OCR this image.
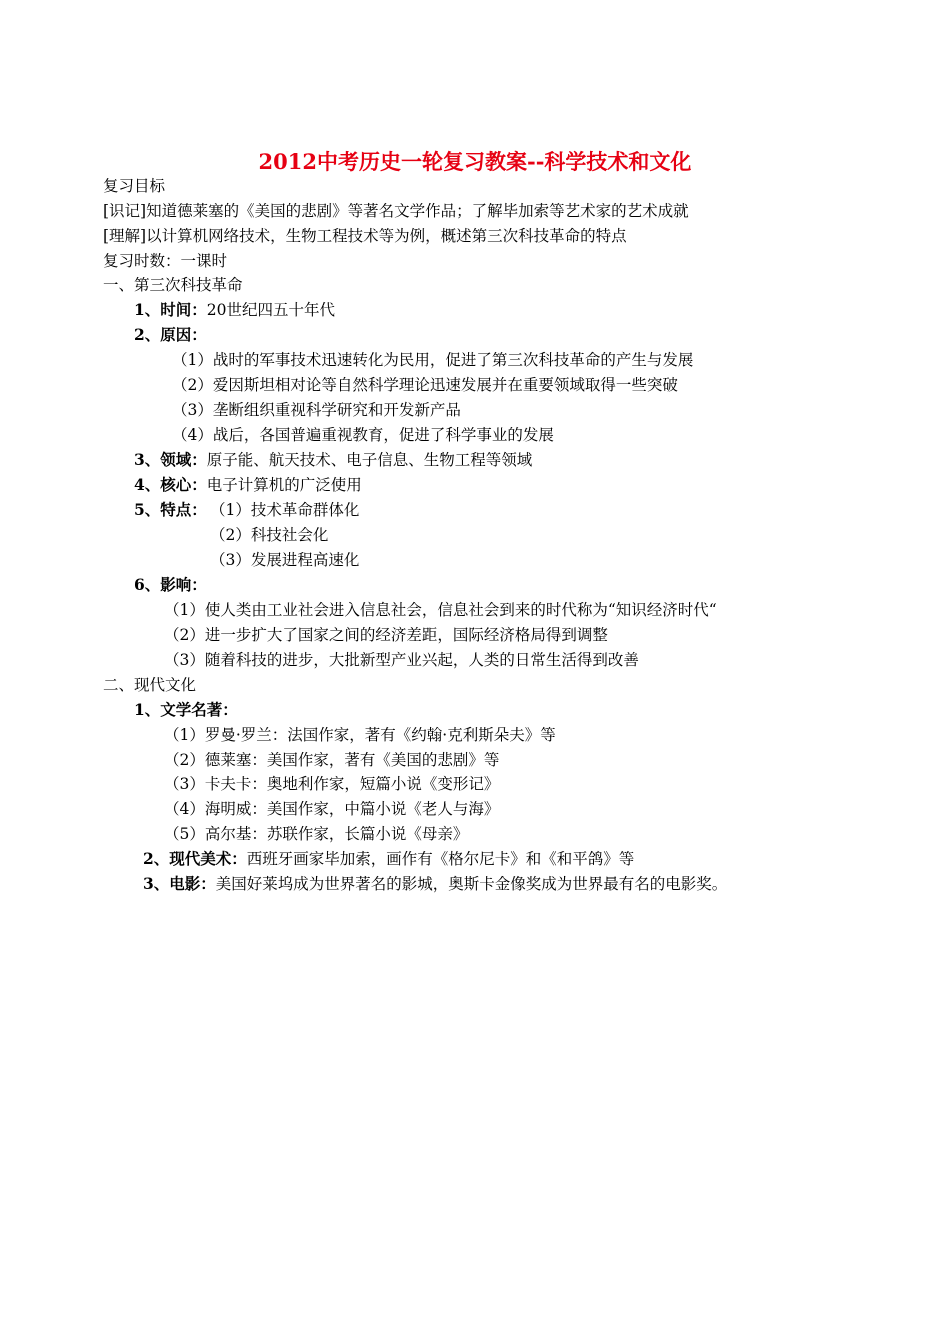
2012中考历史一轮复习教案--科学技术和文化
复习目标
[识记]知道德莱塞的《美国的悲剧》等著名文学作品；了解毕加索等艺术家的艺术成就
[理解]以计算机网络技术，生物工程技术等为例，概述第三次科技革命的特点
复习时数：一课时
一、第三次科技革命
1、时间：20世纪四五十年代
2、原因：
（1）战时的军事技术迅速转化为民用，促进了第三次科技革命的产生与发展
（2）爱因斯坦相对论等自然科学理论迅速发展并在重要领域取得一些突破
（3）垄断组织重视科学研究和开发新产品
（4）战后，各国普遍重视教育，促进了科学事业的发展
3、领域：原子能、航天技术、电子信息、生物工程等领域
4、核心：电子计算机的广泛使用
5、特点： （1）技术革命群体化
（2）科技社会化
（3）发展进程高速化
6、影响：
（1）使人类由工业社会进入信息社会，信息社会到来的时代称为“知识经济时代“
（2）进一步扩大了国家之间的经济差距，国际经济格局得到调整
（3）随着科技的进步，大批新型产业兴起，人类的日常生活得到改善
二、现代文化
1、文学名著：
（1）罗曼·罗兰：法国作家，著有《约翰·克利斯朵夫》等
（2）德莱塞：美国作家，著有《美国的悲剧》等
（3）卡夫卡：奥地利作家，短篇小说《变形记》
（4）海明威：美国作家，中篇小说《老人与海》
（5）高尔基：苏联作家，长篇小说《母亲》
2、现代美术：西班牙画家毕加索，画作有《格尔尼卡》和《和平鸽》等
3、电影：美国好莱坞成为世界著名的影城，奥斯卡金像奖成为世界最有名的电影奖。
